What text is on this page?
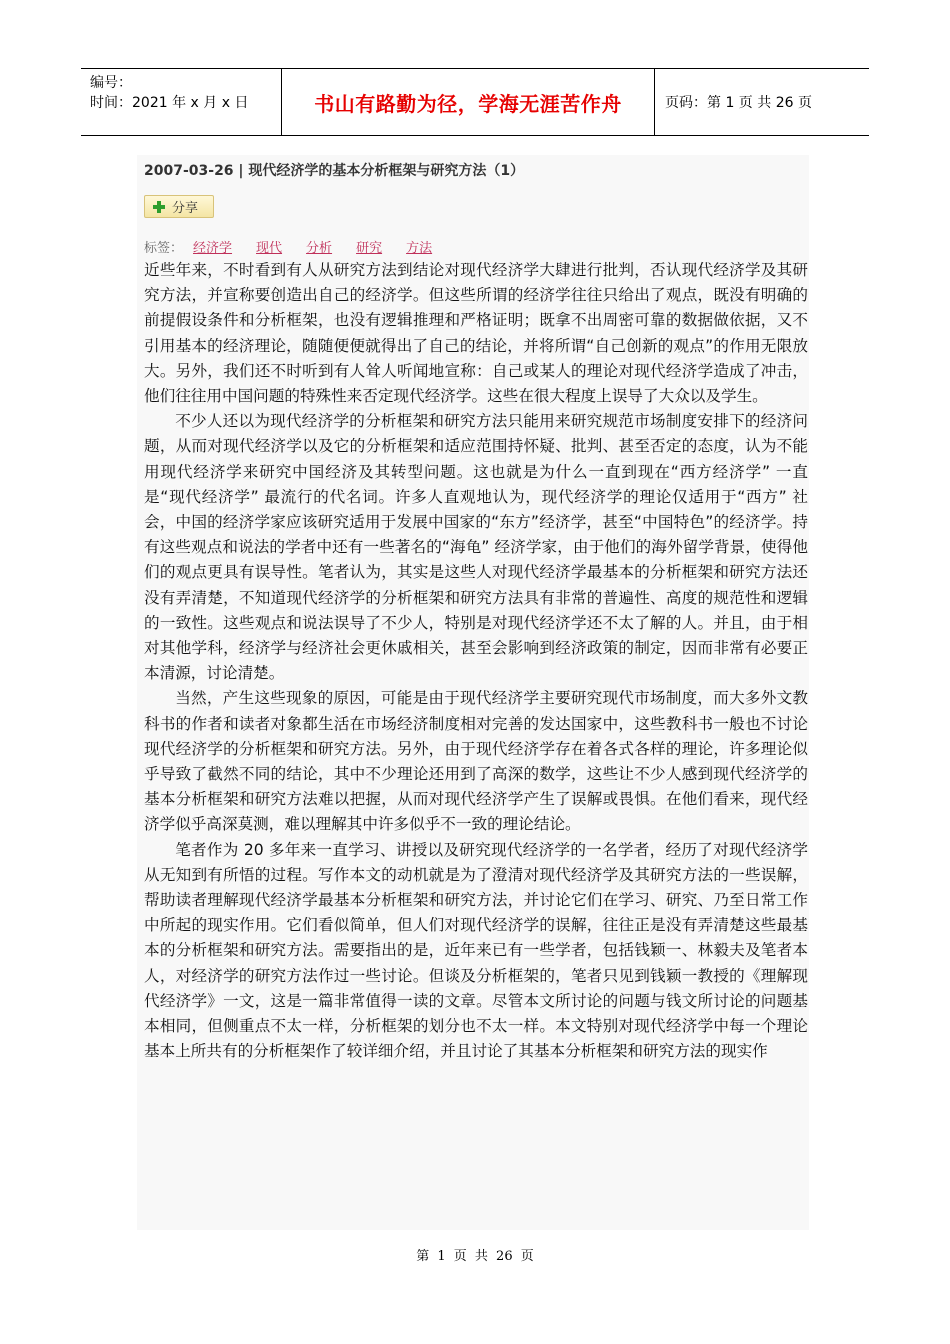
编号：
时间：2021 年 x 月 x 日	书山有路勤为径，学海无涯苦作舟	页码：第 1 页 共 26 页
2007-03-26 | 现代经济学的基本分析框架与研究方法（1）
分享
标签： 经济学 现代 分析 研究 方法

近些年来，不时看到有人从研究方法到结论对现代经济学大肆进行批判，否认现代经济学及其研究方法，并宣称要创造出自己的经济学。但这些所谓的经济学往往只给出了观点，既没有明确的前提假设条件和分析框架，也没有逻辑推理和严格证明；既拿不出周密可靠的数据做依据，又不引用基本的经济理论，随随便便就得出了自己的结论，并将所谓“自己创新的观点”的作用无限放大。另外，我们还不时听到有人耸人听闻地宣称：自己或某人的理论对现代经济学造成了冲击，他们往往用中国问题的特殊性来否定现代经济学。这些在很大程度上误导了大众以及学生。

不少人还以为现代经济学的分析框架和研究方法只能用来研究规范市场制度安排下的经济问题，从而对现代经济学以及它的分析框架和适应范围持怀疑、批判、甚至否定的态度，认为不能用现代经济学来研究中国经济及其转型问题。这也就是为什么一直到现在“西方经济学” 一直是“现代经济学” 最流行的代名词。许多人直观地认为，现代经济学的理论仅适用于“西方” 社会，中国的经济学家应该研究适用于发展中国家的“东方”经济学，甚至“中国特色”的经济学。持有这些观点和说法的学者中还有一些著名的“海龟” 经济学家，由于他们的海外留学背景，使得他们的观点更具有误导性。笔者认为，其实是这些人对现代经济学最基本的分析框架和研究方法还没有弄清楚，不知道现代经济学的分析框架和研究方法具有非常的普遍性、高度的规范性和逻辑的一致性。这些观点和说法误导了不少人，特别是对现代经济学还不太了解的人。并且，由于相对其他学科，经济学与经济社会更休戚相关，甚至会影响到经济政策的制定，因而非常有必要正本清源，讨论清楚。

当然，产生这些现象的原因，可能是由于现代经济学主要研究现代市场制度，而大多外文教科书的作者和读者对象都生活在市场经济制度相对完善的发达国家中，这些教科书一般也不讨论现代经济学的分析框架和研究方法。另外，由于现代经济学存在着各式各样的理论，许多理论似乎导致了截然不同的结论，其中不少理论还用到了高深的数学，这些让不少人感到现代经济学的基本分析框架和研究方法难以把握，从而对现代经济学产生了误解或畏惧。在他们看来，现代经济学似乎高深莫测，难以理解其中许多似乎不一致的理论结论。

笔者作为 20 多年来一直学习、讲授以及研究现代经济学的一名学者，经历了对现代经济学从无知到有所悟的过程。写作本文的动机就是为了澄清对现代经济学及其研究方法的一些误解，帮助读者理解现代经济学最基本分析框架和研究方法，并讨论它们在学习、研究、乃至日常工作中所起的现实作用。它们看似简单，但人们对现代经济学的误解，往往正是没有弄清楚这些最基本的分析框架和研究方法。需要指出的是，近年来已有一些学者，包括钱颖一、林毅夫及笔者本人，对经济学的研究方法作过一些讨论。但谈及分析框架的，笔者只见到钱颖一教授的《理解现代经济学》一文，这是一篇非常值得一读的文章。尽管本文所讨论的问题与钱文所讨论的问题基本相同，但侧重点不太一样，分析框架的划分也不太一样。本文特别对现代经济学中每一个理论基本上所共有的分析框架作了较详细介绍，并且讨论了其基本分析框架和研究方法的现实作

第 1 页 共 26 页
